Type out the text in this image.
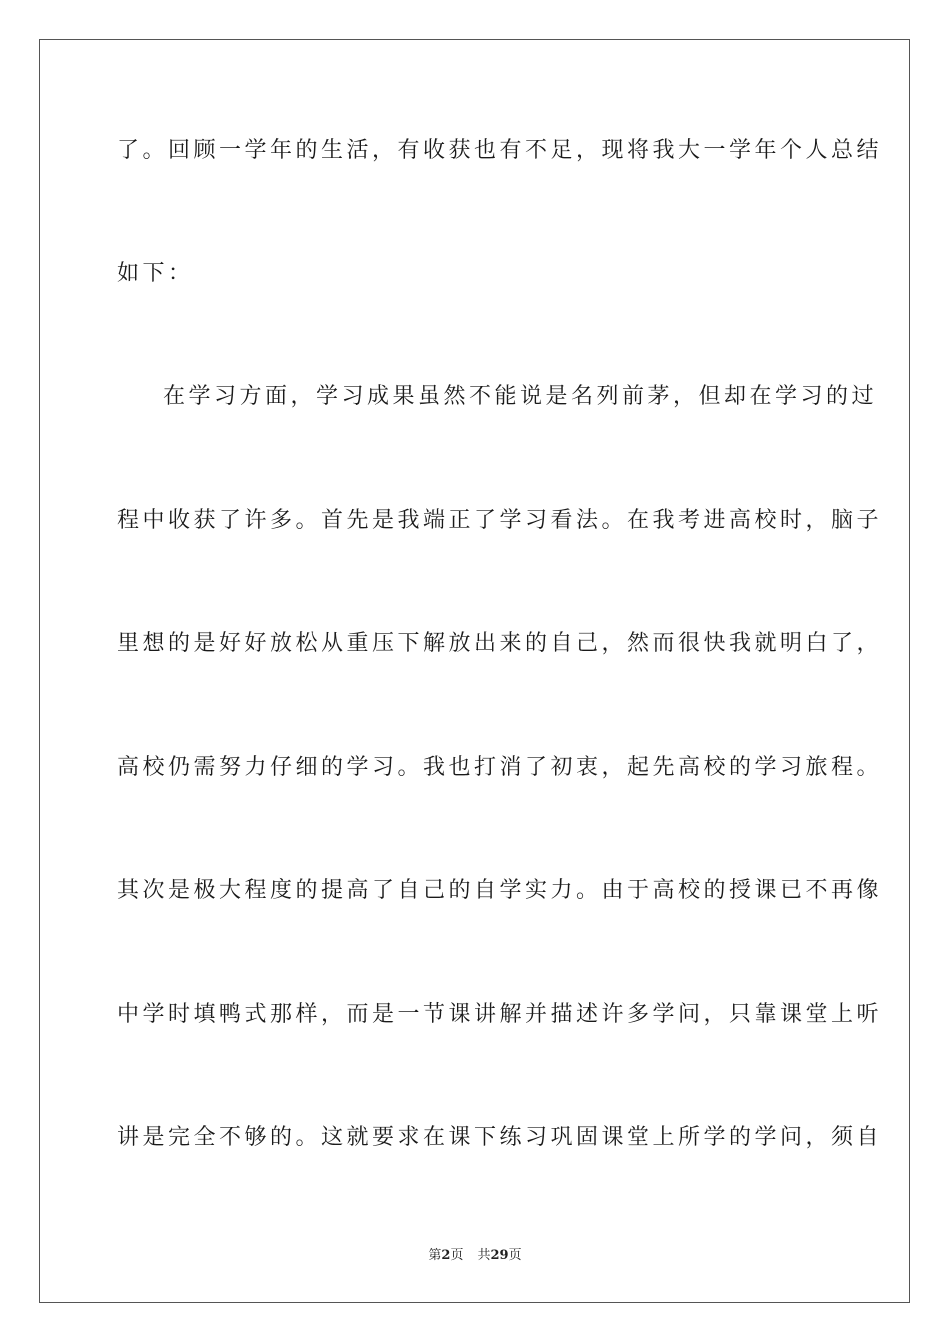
了。回顾一学年的生活，有收获也有不足，现将我大一学年个人总结
如下：
在学习方面，学习成果虽然不能说是名列前茅，但却在学习的过
程中收获了许多。首先是我端正了学习看法。在我考进高校时，脑子
里想的是好好放松从重压下解放出来的自己，然而很快我就明白了，
高校仍需努力仔细的学习。我也打消了初衷，起先高校的学习旅程。
其次是极大程度的提高了自己的自学实力。由于高校的授课已不再像
中学时填鸭式那样，而是一节课讲解并描述许多学问，只靠课堂上听
讲是完全不够的。这就要求在课下练习巩固课堂上所学的学问，须自
第2页 共29页
